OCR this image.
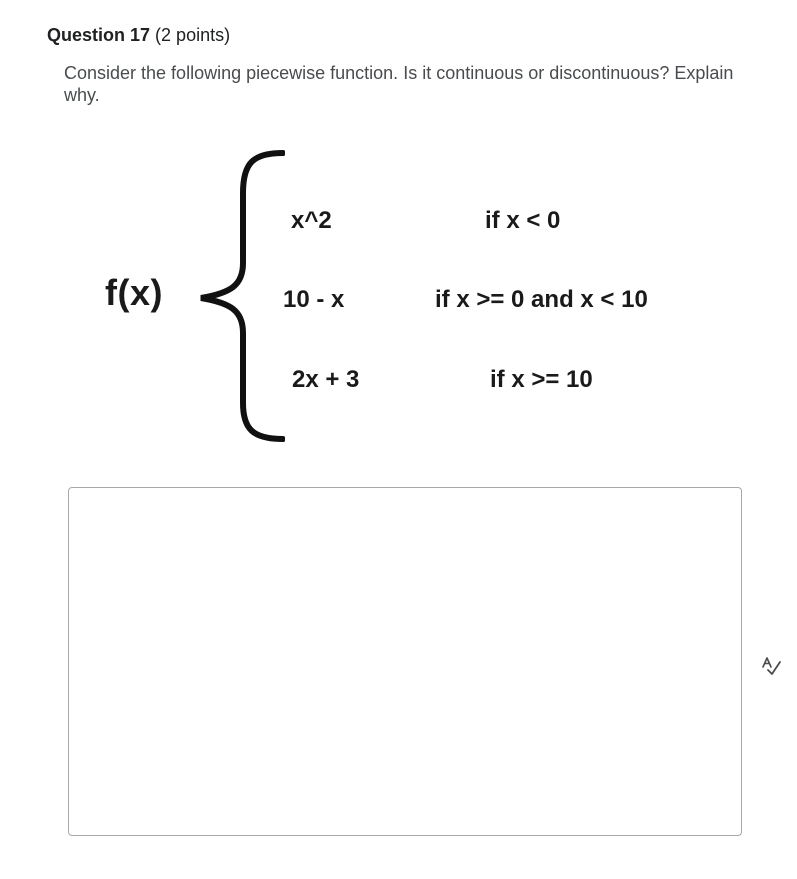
Question 17 (2 points)
Consider the following piecewise function. Is it continuous or discontinuous? Explain why.
f(x)
x^2	if x < 0
10 - x	if x >= 0 and x < 10
2x + 3	if x >= 10
